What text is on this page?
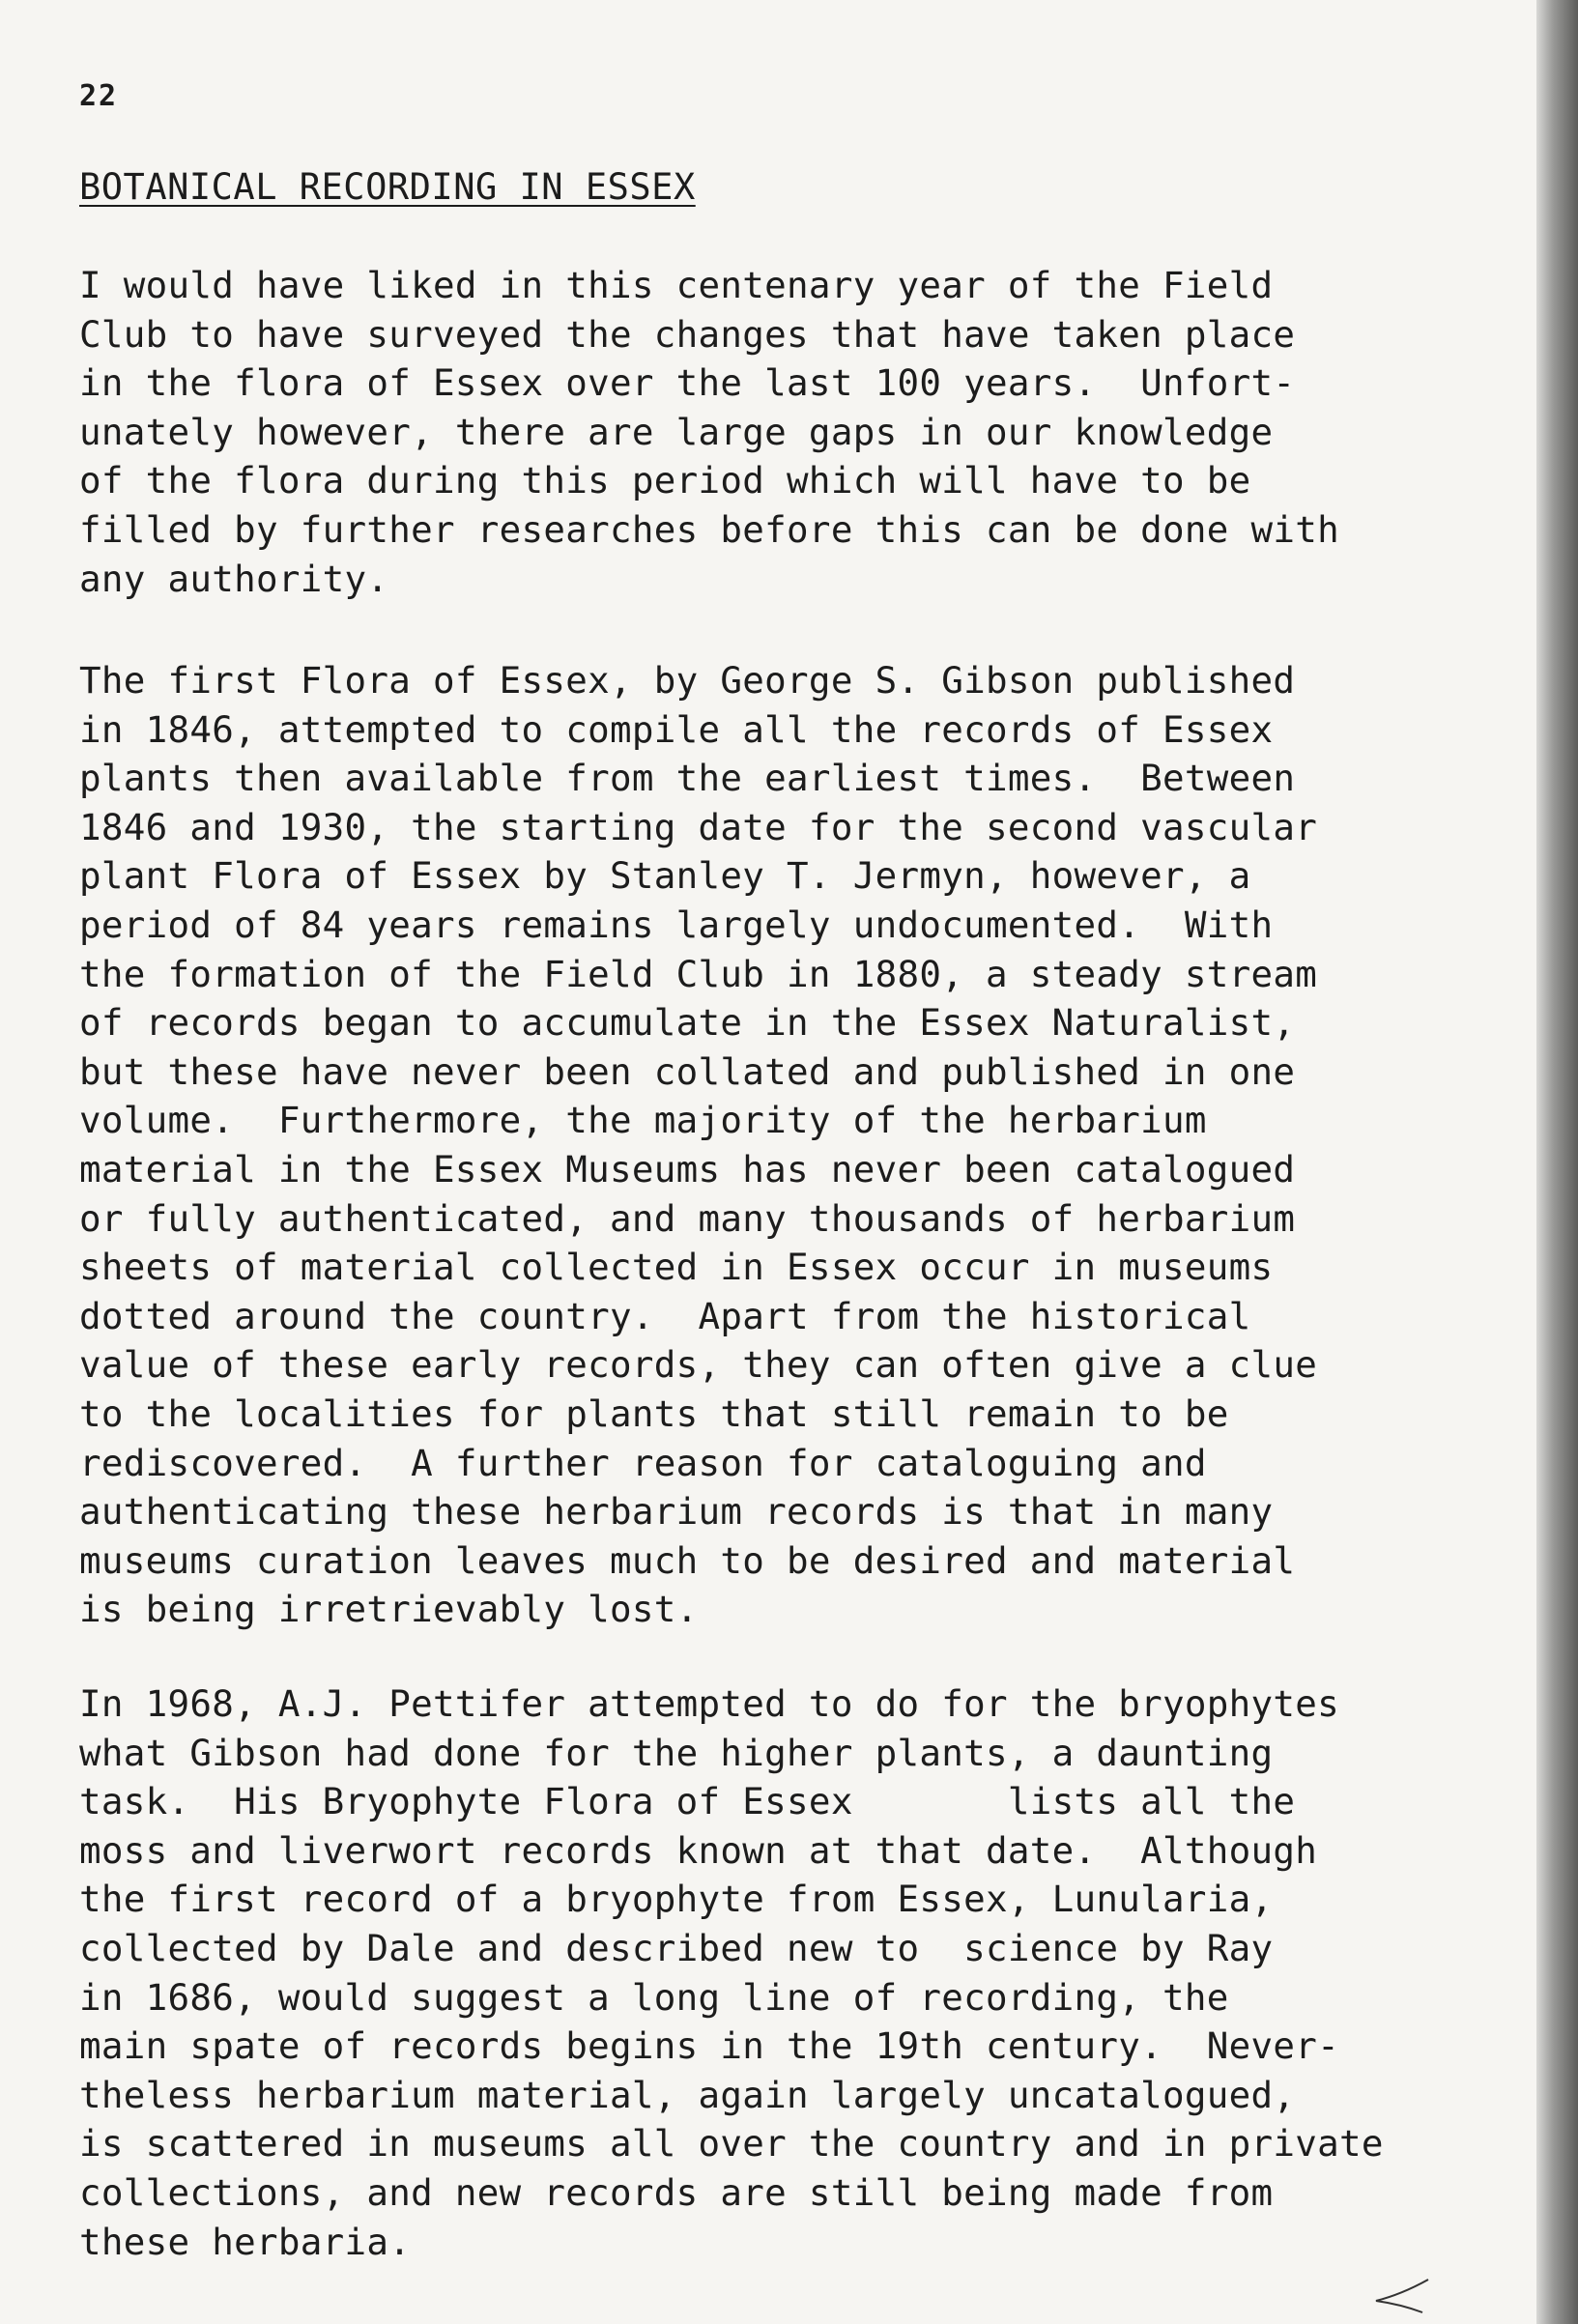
22
BOTANICAL RECORDING IN ESSEX
I would have liked in this centenary year of the Field
Club to have surveyed the changes that have taken place
in the flora of Essex over the last 100 years.  Unfort-
unately however, there are large gaps in our knowledge
of the flora during this period which will have to be
filled by further researches before this can be done with
any authority.
The first Flora of Essex, by George S. Gibson published
in 1846, attempted to compile all the records of Essex
plants then available from the earliest times.  Between
1846 and 1930, the starting date for the second vascular
plant Flora of Essex by Stanley T. Jermyn, however, a
period of 84 years remains largely undocumented.  With
the formation of the Field Club in 1880, a steady stream
of records began to accumulate in the Essex Naturalist,
but these have never been collated and published in one
volume.  Furthermore, the majority of the herbarium
material in the Essex Museums has never been catalogued
or fully authenticated, and many thousands of herbarium
sheets of material collected in Essex occur in museums
dotted around the country.  Apart from the historical
value of these early records, they can often give a clue
to the localities for plants that still remain to be
rediscovered.  A further reason for cataloguing and
authenticating these herbarium records is that in many
museums curation leaves much to be desired and material
is being irretrievably lost.
In 1968, A.J. Pettifer attempted to do for the bryophytes
what Gibson had done for the higher plants, a daunting
task.  His Bryophyte Flora of Essex       lists all the
moss and liverwort records known at that date.  Although
the first record of a bryophyte from Essex, Lunularia,
collected by Dale and described new to  science by Ray
in 1686, would suggest a long line of recording, the
main spate of records begins in the 19th century.  Never-
theless herbarium material, again largely uncatalogued,
is scattered in museums all over the country and in private
collections, and new records are still being made from
these herbaria.
